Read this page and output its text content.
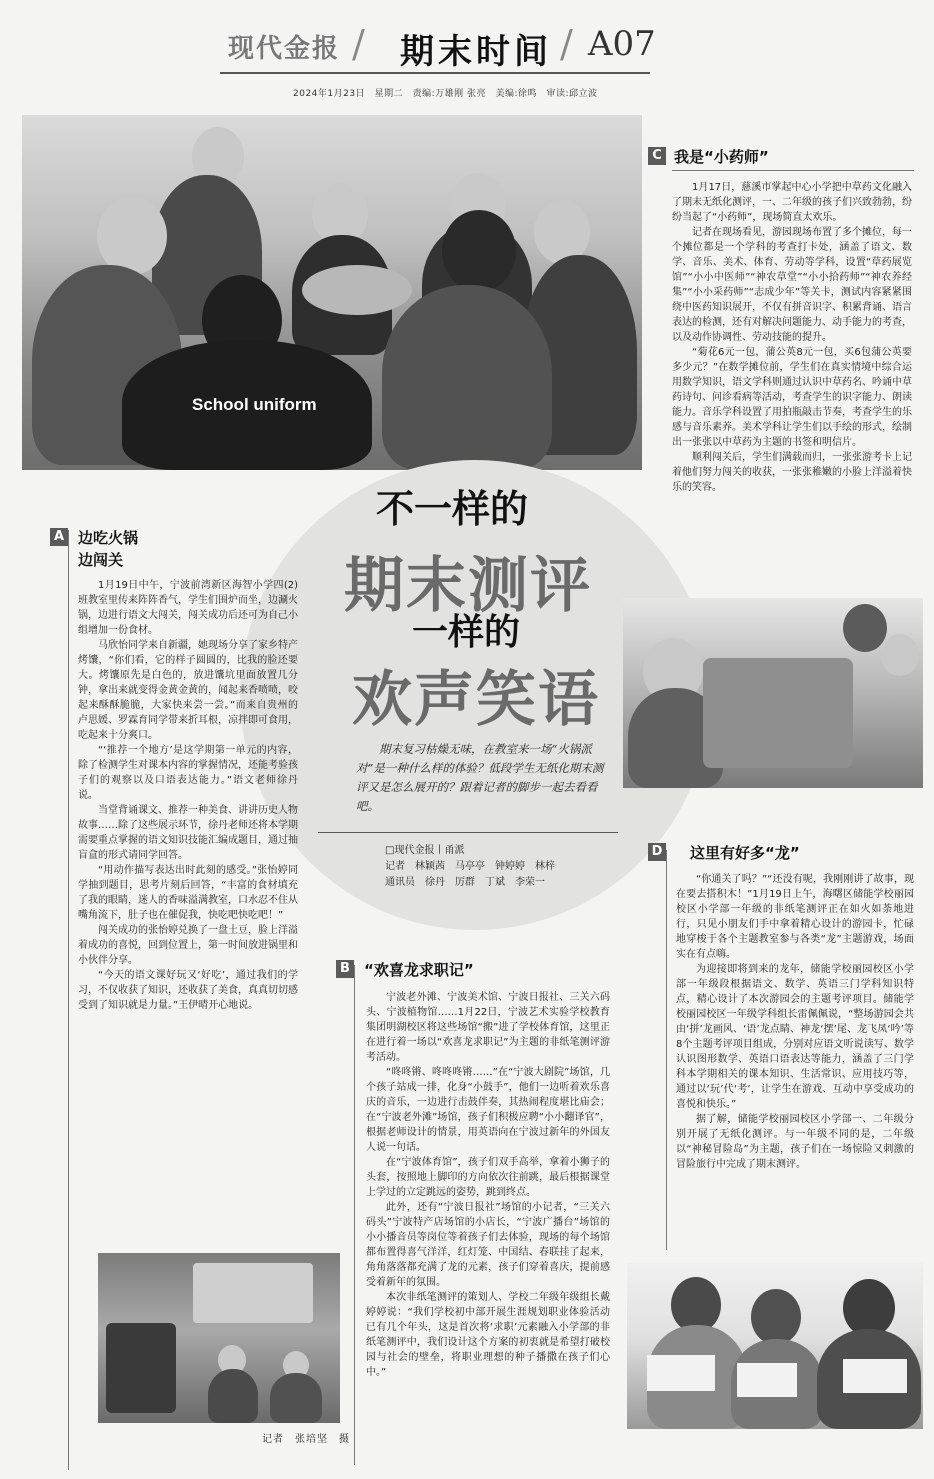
现代金报 / 期末时间 / A07
2024年1月23日　星期二　责编:万雄刚 张亮　美编:徐鸣　审读:邱立波
School uniform
不一样的
期末测评
一样的
欢声笑语
期末复习枯燥无味，在教室来一场“火锅派对”是一种什么样的体验？低段学生无纸化期末测评又是怎么展开的？跟着记者的脚步一起去看看吧。
□现代金报丨甬派
记者　林颖茜　马亭亭　钟婷婷　林梓
通讯员　徐丹　厉群　丁斌　李荣一
C 我是“小药师”

1月17日，慈溪市掌起中心小学把中草药文化融入了期末无纸化测评，一、二年级的孩子们兴致勃勃，纷纷当起了“小药师”，现场简直太欢乐。

记者在现场看见，游园现场布置了多个摊位，每一个摊位都是一个学科的考查打卡处，涵盖了语文、数学、音乐、美术、体育、劳动等学科，设置“草药展览馆”“小小中医师”“神农草堂”“小小拾药师”“神农养经集”“小小采药师”“志成少年”等关卡，测试内容紧紧围绕中医药知识展开，不仅有拼音识字、积累背诵、语言表达的检测，还有对解决问题能力、动手能力的考查，以及动作协调性、劳动技能的提升。

“菊花6元一包，蒲公英8元一包，买6包蒲公英要多少元？”在数学摊位前，学生们在真实情境中综合运用数学知识，语文学科则通过认识中草药名、吟诵中草药诗句、问诊看病等活动，考查学生的识字能力、朗读能力。音乐学科设置了用拍瓶敲击节奏，考查学生的乐感与音乐素养。美术学科让学生们以手绘的形式，绘制出一张张以中草药为主题的书签和明信片。

顺利闯关后，学生们满载而归，一张张游考卡上记着他们努力闯关的收获，一张张稚嫩的小脸上洋溢着快乐的笑容。

A 边吃火锅
边闯关

1月19日中午，宁波前湾新区海智小学四(2)班教室里传来阵阵香气，学生们围炉而坐，边涮火锅，边进行语文大闯关，闯关成功后还可为自己小组增加一份食材。

马欣怡同学来自新疆，她现场分享了家乡特产烤馕，“你们看，它的样子圆圆的，比我的脸还要大。烤馕原先是白色的，放进馕坑里面放置几分钟，拿出来就变得金黄金黄的，闻起来香喷喷，咬起来酥酥脆脆，大家快来尝一尝。”而来自贵州的卢思媛、罗霖育同学带来折耳根，凉拌即可食用，吃起来十分爽口。

“‘推荐一个地方’是这学期第一单元的内容，除了检测学生对课本内容的掌握情况，还能考验孩子们的观察以及口语表达能力。”语文老师徐丹说。

当堂背诵课文、推荐一种美食、讲讲历史人物故事……除了这些展示环节，徐丹老师还将本学期需要重点掌握的语文知识技能汇编成题目，通过抽盲盒的形式请同学回答。

“用动作描写表达出时此刻的感受。”张怡婷同学抽到题目，思考片刻后回答，“丰富的食材填充了我的眼睛，迷人的香味溢满教室，口水忍不住从嘴角流下，肚子也在催促我，快吃吧快吃吧！”

闯关成功的张怡婷兑换了一盘土豆，脸上洋溢着成功的喜悦，回到位置上，第一时间放进锅里和小伙伴分享。

“今天的语文课好玩又‘好吃’，通过我们的学习，不仅收获了知识，还收获了美食，真真切切感受到了知识就是力量。”王伊晴开心地说。

D 这里有好多“龙”

“你通关了吗？”“还没有呢，我刚刚讲了故事，现在要去搭积木！”1月19日上午，海曙区储能学校丽园校区小学部一年级的非纸笔测评正在如火如荼地进行，只见小朋友们手中拿着精心设计的游园卡，忙碌地穿梭于各个主题教室参与各类“龙”主题游戏，场面实在有点嗨。

为迎接即将到来的龙年，储能学校丽园校区小学部一年级段根据语文、数学、英语三门学科知识特点，精心设计了本次游园会的主题考评项目。储能学校丽园校区一年级学科组长雷佩佩说，“整场游园会共由‘拼’龙画风、‘语’龙点睛、神龙‘摆’尾、龙飞凤‘吟’等8个主题考评项目组成，分别对应语文听说读写、数学认识图形数学、英语口语表达等能力，涵盖了三门学科本学期相关的课本知识、生活常识、应用技巧等，通过以‘玩’代‘考’，让学生在游戏、互动中享受成功的喜悦和快乐。”

据了解，储能学校丽园校区小学部一、二年级分别开展了无纸化测评。与一年级不同的是，二年级以“神秘冒险岛”为主题，孩子们在一场惊险又刺激的冒险旅行中完成了期末测评。

B “欢喜龙求职记”

宁波老外滩、宁波美术馆、宁波日报社、三关六码头、宁波植物馆……1月22日，宁波艺术实验学校教育集团明湖校区将这些场馆“搬”进了学校体育馆，这里正在进行着一场以“欢喜龙求职记”为主题的非纸笔测评游考活动。

“咚咚锵、咚咚咚锵……”在“宁波大剧院”场馆，几个孩子站成一排，化身“小鼓手”，他们一边听着欢乐喜庆的音乐，一边进行击鼓伴奏，其热闹程度堪比庙会；在“宁波老外滩”场馆，孩子们积极应聘“小小翻译官”，根据老师设计的情景，用英语向在宁波过新年的外国友人说一句话。

在“宁波体育馆”，孩子们双手高举，拿着小狮子的头套，按照地上脚印的方向依次往前跳，最后根据课堂上学过的立定跳远的姿势，跳到终点。

此外，还有“宁波日报社”场馆的小记者，“三关六码头”宁波特产店场馆的小店长，“宁波广播台”场馆的小小播音员等岗位等着孩子们去体验，现场的每个场馆都布置得喜气洋洋，红灯笼、中国结、春联挂了起来，角角落落都充满了龙的元素，孩子们穿着喜庆，提前感受着新年的氛围。

本次非纸笔测评的策划人、学校二年级年级组长戴婷婷说：“我们学校初中部开展生涯规划职业体验活动已有几个年头，这是首次将‘求职’元素融入小学部的非纸笔测评中，我们设计这个方案的初衷就是希望打破校园与社会的壁垒，将职业理想的种子播撒在孩子们心中。”

记者　张培坚　摄
